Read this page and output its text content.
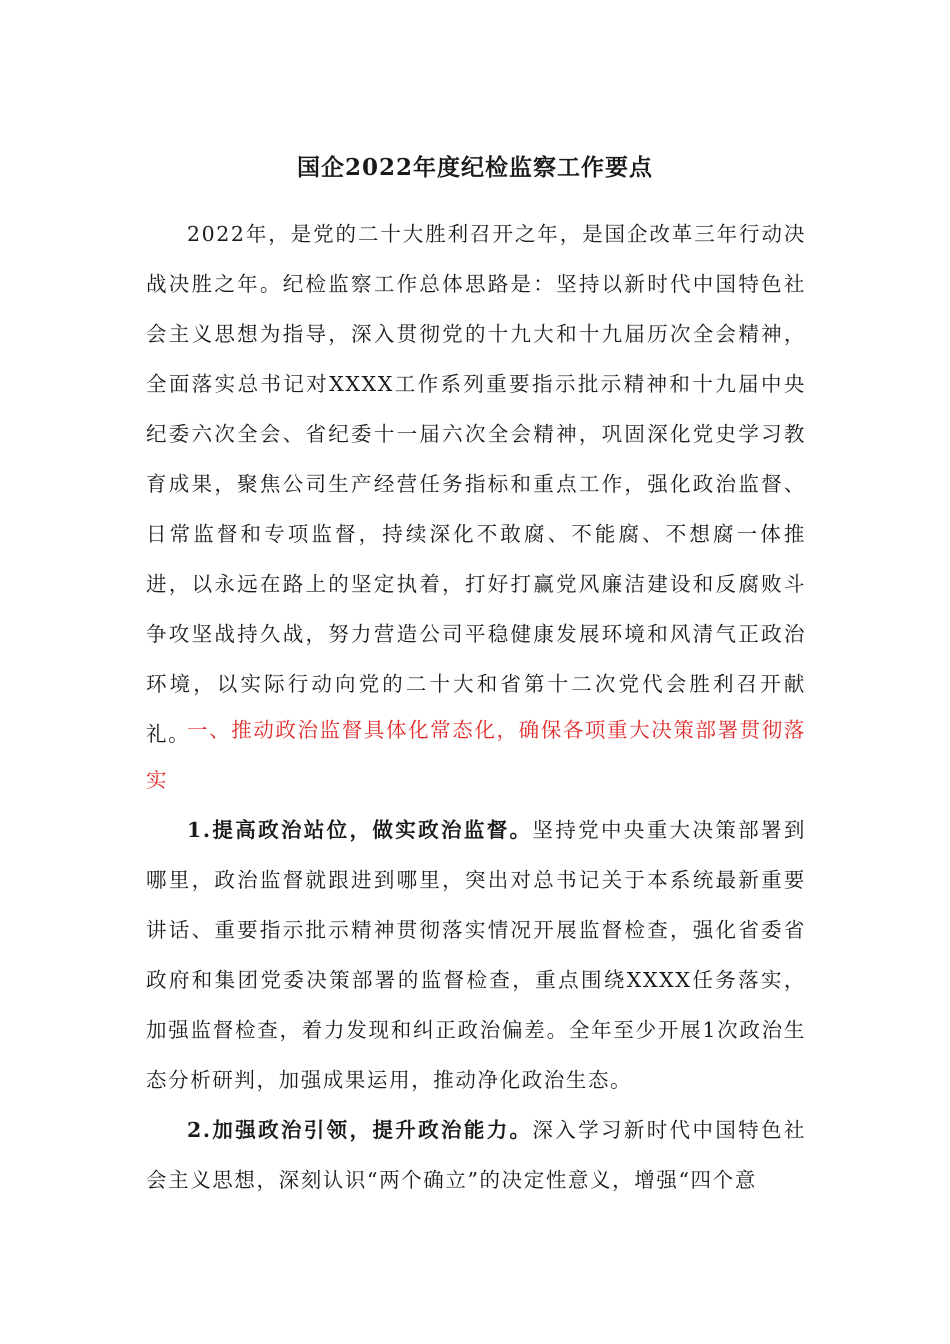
国企2022年度纪检监察工作要点

2022年，是党的二十大胜利召开之年，是国企改革三年行动决战决胜之年。纪检监察工作总体思路是：坚持以新时代中国特色社会主义思想为指导，深入贯彻党的十九大和十九届历次全会精神，全面落实总书记对XXXX工作系列重要指示批示精神和十九届中央纪委六次全会、省纪委十一届六次全会精神，巩固深化党史学习教育成果，聚焦公司生产经营任务指标和重点工作，强化政治监督、日常监督和专项监督，持续深化不敢腐、不能腐、不想腐一体推进，以永远在路上的坚定执着，打好打赢党风廉洁建设和反腐败斗争攻坚战持久战，努力营造公司平稳健康发展环境和风清气正政治环境，以实际行动向党的二十大和省第十二次党代会胜利召开献礼。

一、推动政治监督具体化常态化，确保各项重大决策部署贯彻落实

1.提高政治站位，做实政治监督。坚持党中央重大决策部署到哪里，政治监督就跟进到哪里，突出对总书记关于本系统最新重要讲话、重要指示批示精神贯彻落实情况开展监督检查，强化省委省政府和集团党委决策部署的监督检查，重点围绕XXXX任务落实，加强监督检查，着力发现和纠正政治偏差。全年至少开展1次政治生态分析研判，加强成果运用，推动净化政治生态。

2.加强政治引领，提升政治能力。深入学习新时代中国特色社会主义思想，深刻认识“两个确立”的决定性意义，增强“四个意
